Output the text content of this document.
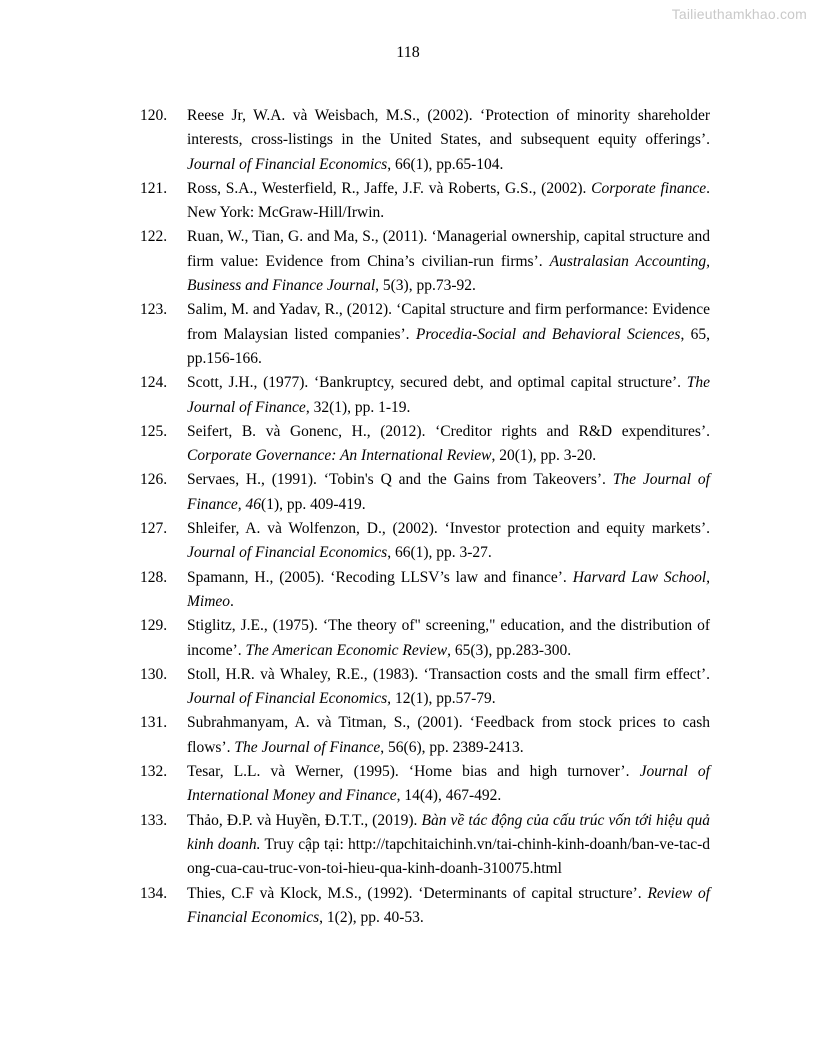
Tailieuthamkhao.com
118
120.	Reese Jr, W.A. và Weisbach, M.S., (2002). ‘Protection of minority shareholder interests, cross-listings in the United States, and subsequent equity offerings’. Journal of Financial Economics, 66(1), pp.65-104.
121.	Ross, S.A., Westerfield, R., Jaffe, J.F. và Roberts, G.S., (2002). Corporate finance. New York: McGraw-Hill/Irwin.
122.	Ruan, W., Tian, G. and Ma, S., (2011). ‘Managerial ownership, capital structure and firm value: Evidence from China’s civilian-run firms’. Australasian Accounting, Business and Finance Journal, 5(3), pp.73-92.
123.	Salim, M. and Yadav, R., (2012). ‘Capital structure and firm performance: Evidence from Malaysian listed companies’. Procedia-Social and Behavioral Sciences, 65, pp.156-166.
124.	Scott, J.H., (1977). ‘Bankruptcy, secured debt, and optimal capital structure’. The Journal of Finance, 32(1), pp. 1-19.
125.	Seifert, B. và Gonenc, H., (2012). ‘Creditor rights and R&D expenditures’. Corporate Governance: An International Review, 20(1), pp. 3-20.
126.	Servaes, H., (1991). ‘Tobin's Q and the Gains from Takeovers’. The Journal of Finance, 46(1), pp. 409-419.
127.	Shleifer, A. và Wolfenzon, D., (2002). ‘Investor protection and equity markets’. Journal of Financial Economics, 66(1), pp. 3-27.
128.	Spamann, H., (2005). ‘Recoding LLSV’s law and finance’. Harvard Law School, Mimeo.
129.	Stiglitz, J.E., (1975). ‘The theory of" screening," education, and the distribution of income’. The American Economic Review, 65(3), pp.283-300.
130.	Stoll, H.R. và Whaley, R.E., (1983). ‘Transaction costs and the small firm effect’. Journal of Financial Economics, 12(1), pp.57-79.
131.	Subrahmanyam, A. và Titman, S., (2001). ‘Feedback from stock prices to cash flows’. The Journal of Finance, 56(6), pp. 2389-2413.
132.	Tesar, L.L. và Werner, (1995). ‘Home bias and high turnover’. Journal of International Money and Finance, 14(4), 467-492.
133.	Thảo, Đ.P. và Huyền, Đ.T.T., (2019). Bàn về tác động của cấu trúc vốn tới hiệu quả kinh doanh. Truy cập tại: http://tapchitaichinh.vn/tai-chinh-kinh-doanh/ban-ve-tac-dong-cua-cau-truc-von-toi-hieu-qua-kinh-doanh-310075.html
134.	Thies, C.F và Klock, M.S., (1992). ‘Determinants of capital structure’. Review of Financial Economics, 1(2), pp. 40-53.
